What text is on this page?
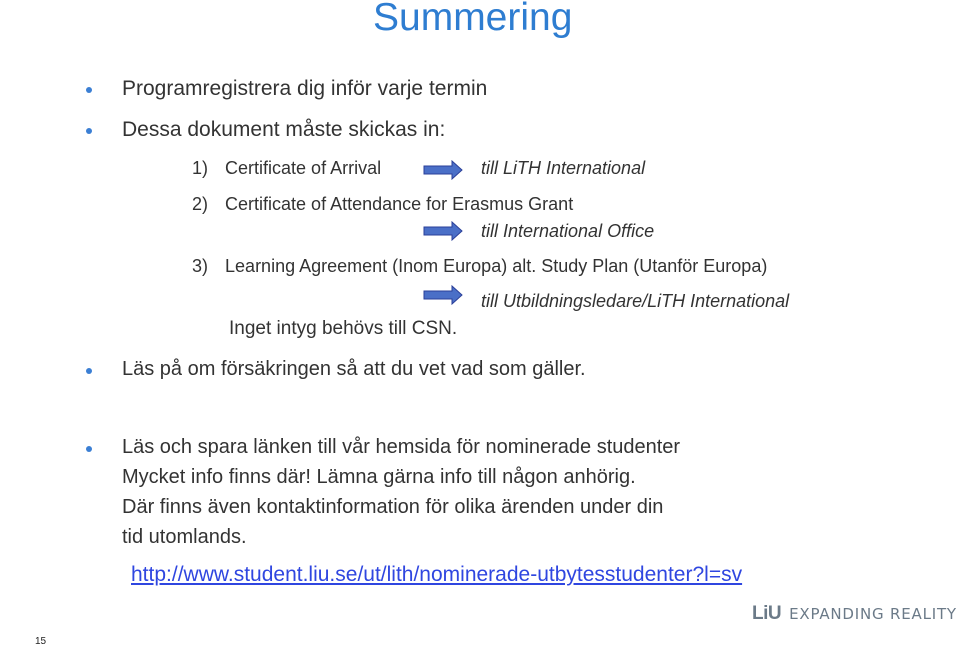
Summering
Programregistrera dig inför varje termin
Dessa dokument måste skickas in:
1) Certificate of Arrival	till LiTH International
2) Certificate of Attendance for Erasmus Grant
till International Office
3) Learning Agreement (Inom Europa) alt. Study Plan (Utanför Europa)
till Utbildningsledare/LiTH International
Inget intyg behövs till CSN.
Läs på om försäkringen så att du vet vad som gäller.
Läs och spara länken till vår hemsida för nominerade studenter
Mycket info finns där! Lämna gärna info till någon anhörig.
Där finns även kontaktinformation för olika ärenden under din
tid utomlands.
http://www.student.liu.se/ut/lith/nominerade-utbytesstudenter?l=sv
LiU EXPANDING REALITY
15
